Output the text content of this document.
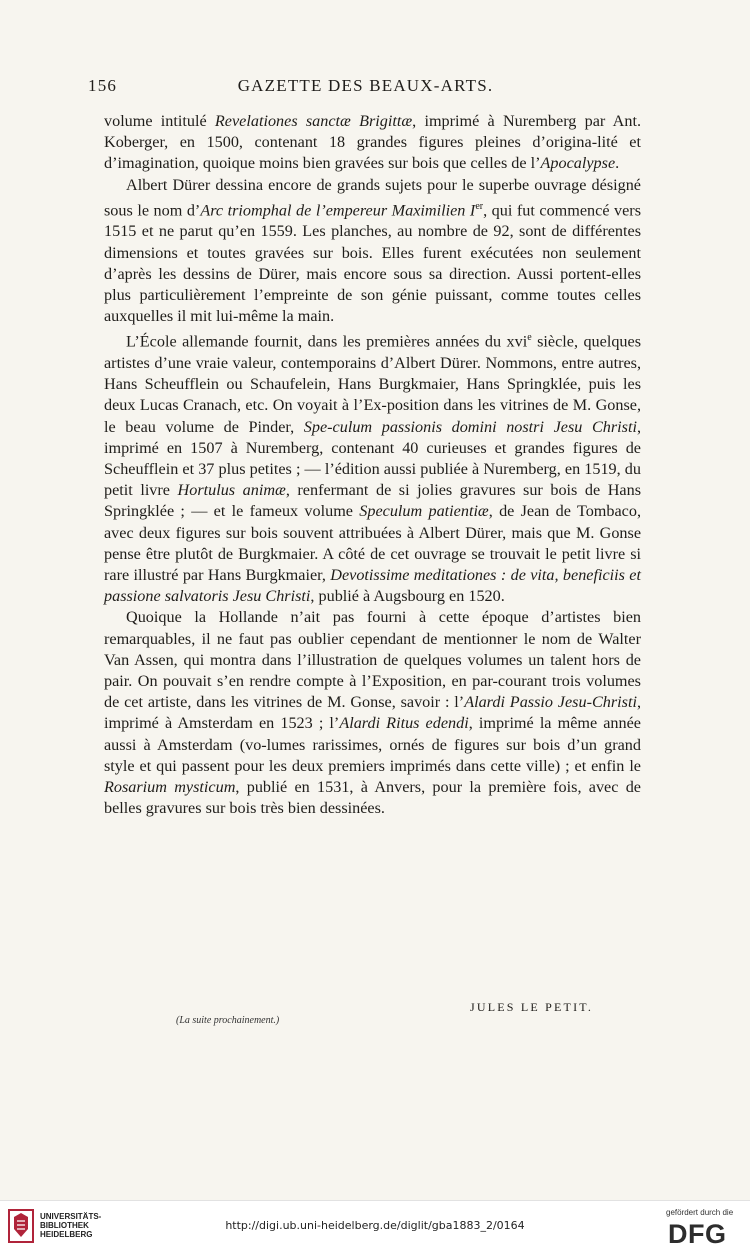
156	GAZETTE DES BEAUX-ARTS.

volume intitulé Revelationes sanctæ Brigittæ, imprimé à Nuremberg par Ant. Koberger, en 1500, contenant 18 grandes figures pleines d’origina-lité et d’imagination, quoique moins bien gravées sur bois que celles de l’Apocalypse.

Albert Dürer dessina encore de grands sujets pour le superbe ouvrage désigné sous le nom d’Arc triomphal de l’empereur Maximilien Ier, qui fut commencé vers 1515 et ne parut qu’en 1559. Les planches, au nombre de 92, sont de différentes dimensions et toutes gravées sur bois. Elles furent exécutées non seulement d’après les dessins de Dürer, mais encore sous sa direction. Aussi portent-elles plus particulièrement l’empreinte de son génie puissant, comme toutes celles auxquelles il mit lui-même la main.

L’École allemande fournit, dans les premières années du xvi$^e$ siècle, quelques artistes d’une vraie valeur, contemporains d’Albert Dürer. Nommons, entre autres, Hans Scheufflein ou Schaufelein, Hans Burgkmaier, Hans Springklée, puis les deux Lucas Cranach, etc. On voyait à l’Ex-position dans les vitrines de M. Gonse, le beau volume de Pinder, Spe-culum passionis domini nostri Jesu Christi, imprimé en 1507 à Nuremberg, contenant 40 curieuses et grandes figures de Scheufflein et 37 plus petites ; — l’édition aussi publiée à Nuremberg, en 1519, du petit livre Hortulus animæ, renfermant de si jolies gravures sur bois de Hans Springklée ; — et le fameux volume Speculum patientiæ, de Jean de Tombaco, avec deux figures sur bois souvent attribuées à Albert Dürer, mais que M. Gonse pense être plutôt de Burgkmaier. A côté de cet ouvrage se trouvait le petit livre si rare illustré par Hans Burgkmaier, Devotissime meditationes : de vita, beneficiis et passione salvatoris Jesu Christi, publié à Augsbourg en 1520.

Quoique la Hollande n’ait pas fourni à cette époque d’artistes bien remarquables, il ne faut pas oublier cependant de mentionner le nom de Walter Van Assen, qui montra dans l’illustration de quelques volumes un talent hors de pair. On pouvait s’en rendre compte à l’Exposition, en par-courant trois volumes de cet artiste, dans les vitrines de M. Gonse, savoir : l’Alardi Passio Jesu-Christi, imprimé à Amsterdam en 1523 ; l’Alardi Ritus edendi, imprimé la même année aussi à Amsterdam (vo-lumes rarissimes, ornés de figures sur bois d’un grand style et qui passent pour les deux premiers imprimés dans cette ville) ; et enfin le Rosarium mysticum, publié en 1531, à Anvers, pour la première fois, avec de belles gravures sur bois très bien dessinées.

JULES LE PETIT.
(La suite prochainement.)
UNIVERSITÄTS-
BIBLIOTHEK
HEIDELBERG
http://digi.ub.uni-heidelberg.de/diglit/gba1883_2/0164
gefördert durch die
DFG
